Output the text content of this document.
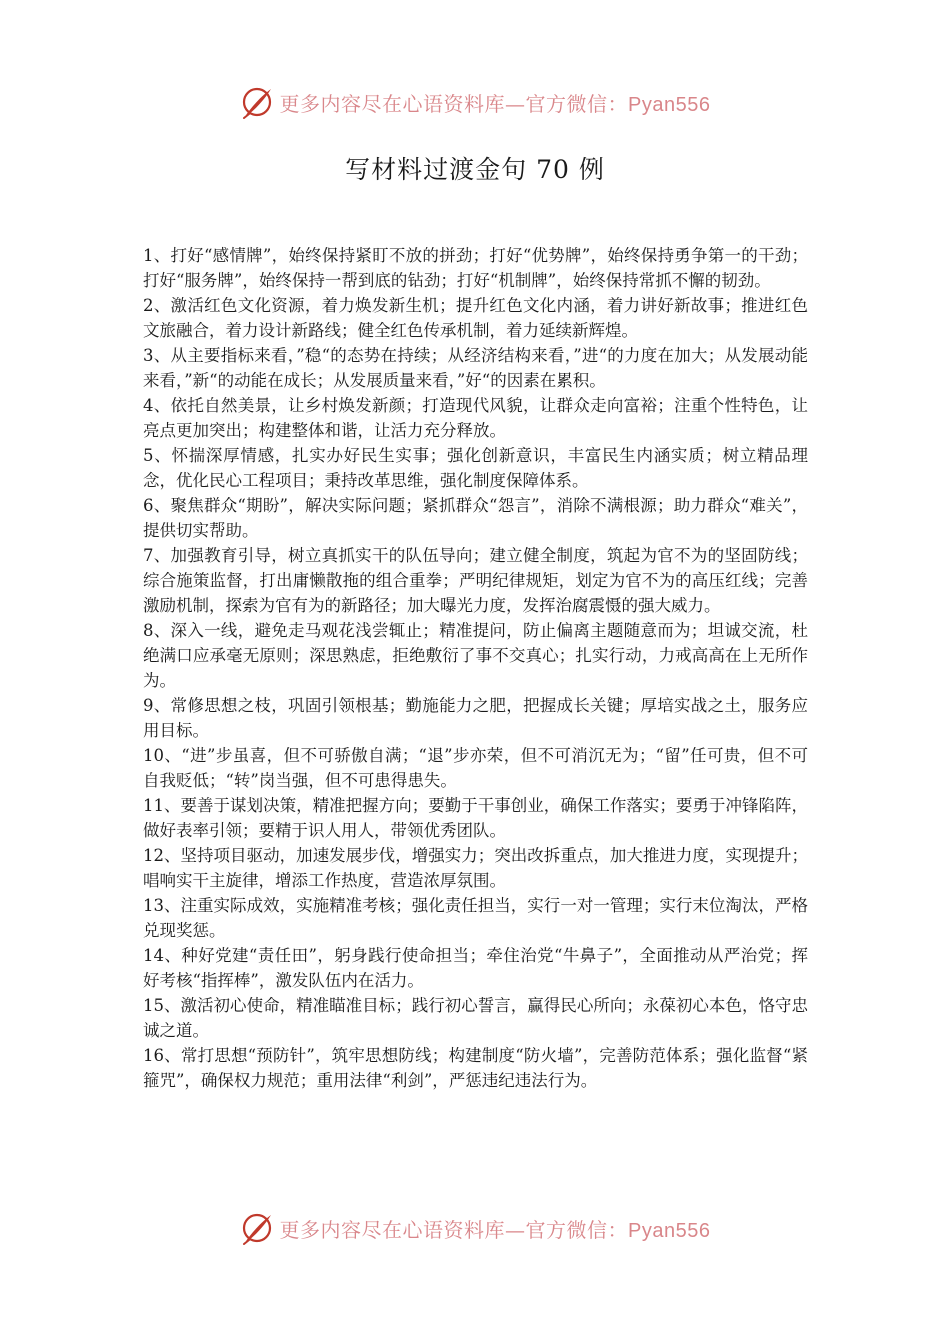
更多内容尽在心语资料库—官方微信：Pyan556
写材料过渡金句 70 例

1、打好“感情牌”，始终保持紧盯不放的拼劲；打好“优势牌”，始终保持勇争第一的干劲；打好“服务牌”，始终保持一帮到底的钻劲；打好“机制牌”，始终保持常抓不懈的韧劲。

2、激活红色文化资源，着力焕发新生机；提升红色文化内涵，着力讲好新故事；推进红色文旅融合，着力设计新路线；健全红色传承机制，着力延续新辉煌。

3、从主要指标来看，”稳“的态势在持续；从经济结构来看，”进“的力度在加大；从发展动能来看，”新“的动能在成长；从发展质量来看，”好“的因素在累积。

4、依托自然美景，让乡村焕发新颜；打造现代风貌，让群众走向富裕；注重个性特色，让亮点更加突出；构建整体和谐，让活力充分释放。

5、怀揣深厚情感，扎实办好民生实事；强化创新意识，丰富民生内涵实质；树立精品理念，优化民心工程项目；秉持改革思维，强化制度保障体系。

6、聚焦群众“期盼”，解决实际问题；紧抓群众“怨言”，消除不满根源；助力群众“难关”，提供切实帮助。

7、加强教育引导，树立真抓实干的队伍导向；建立健全制度，筑起为官不为的坚固防线；综合施策监督，打出庸懒散拖的组合重拳；严明纪律规矩，划定为官不为的高压红线；完善激励机制，探索为官有为的新路径；加大曝光力度，发挥治腐震慑的强大威力。

8、深入一线，避免走马观花浅尝辄止；精准提问，防止偏离主题随意而为；坦诚交流，杜绝满口应承毫无原则；深思熟虑，拒绝敷衍了事不交真心；扎实行动，力戒高高在上无所作为。

9、常修思想之枝，巩固引领根基；勤施能力之肥，把握成长关键；厚培实战之土，服务应用目标。

10、“进”步虽喜，但不可骄傲自满；“退”步亦荣，但不可消沉无为；“留”任可贵，但不可自我贬低；“转”岗当强，但不可患得患失。

11、要善于谋划决策，精准把握方向；要勤于干事创业，确保工作落实；要勇于冲锋陷阵，做好表率引领；要精于识人用人，带领优秀团队。

12、坚持项目驱动，加速发展步伐，增强实力；突出改拆重点，加大推进力度，实现提升；唱响实干主旋律，增添工作热度，营造浓厚氛围。

13、注重实际成效，实施精准考核；强化责任担当，实行一对一管理；实行末位淘汰，严格兑现奖惩。

14、种好党建“责任田”，躬身践行使命担当；牵住治党“牛鼻子”，全面推动从严治党；挥好考核“指挥棒”，激发队伍内在活力。

15、激活初心使命，精准瞄准目标；践行初心誓言，赢得民心所向；永葆初心本色，恪守忠诚之道。

16、常打思想“预防针”，筑牢思想防线；构建制度“防火墙”，完善防范体系；强化监督“紧箍咒”，确保权力规范；重用法律“利剑”，严惩违纪违法行为。

更多内容尽在心语资料库—官方微信：Pyan556
